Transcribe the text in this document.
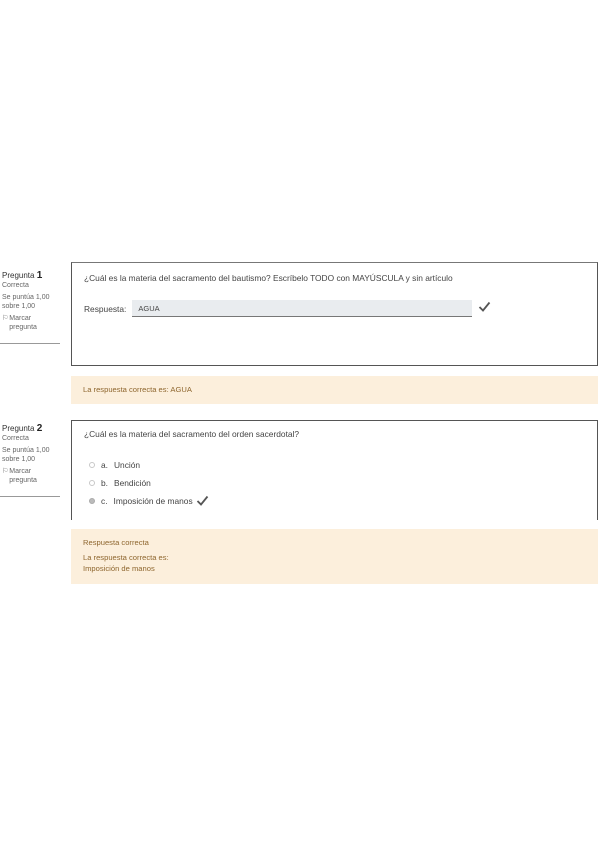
Pregunta 1
Correcta
Se puntúa 1,00 sobre 1,00
⚐ Marcar pregunta
¿Cuál es la materia del sacramento del bautismo? Escríbelo TODO con MAYÚSCULA y sin artículo
Respuesta:	AGUA
La respuesta correcta es: AGUA
Pregunta 2
Correcta
Se puntúa 1,00 sobre 1,00
⚐ Marcar pregunta
¿Cuál es la materia del sacramento del orden sacerdotal?
a. Unción
b. Bendición
c. Imposición de manos
Respuesta correcta
La respuesta correcta es:
Imposición de manos
